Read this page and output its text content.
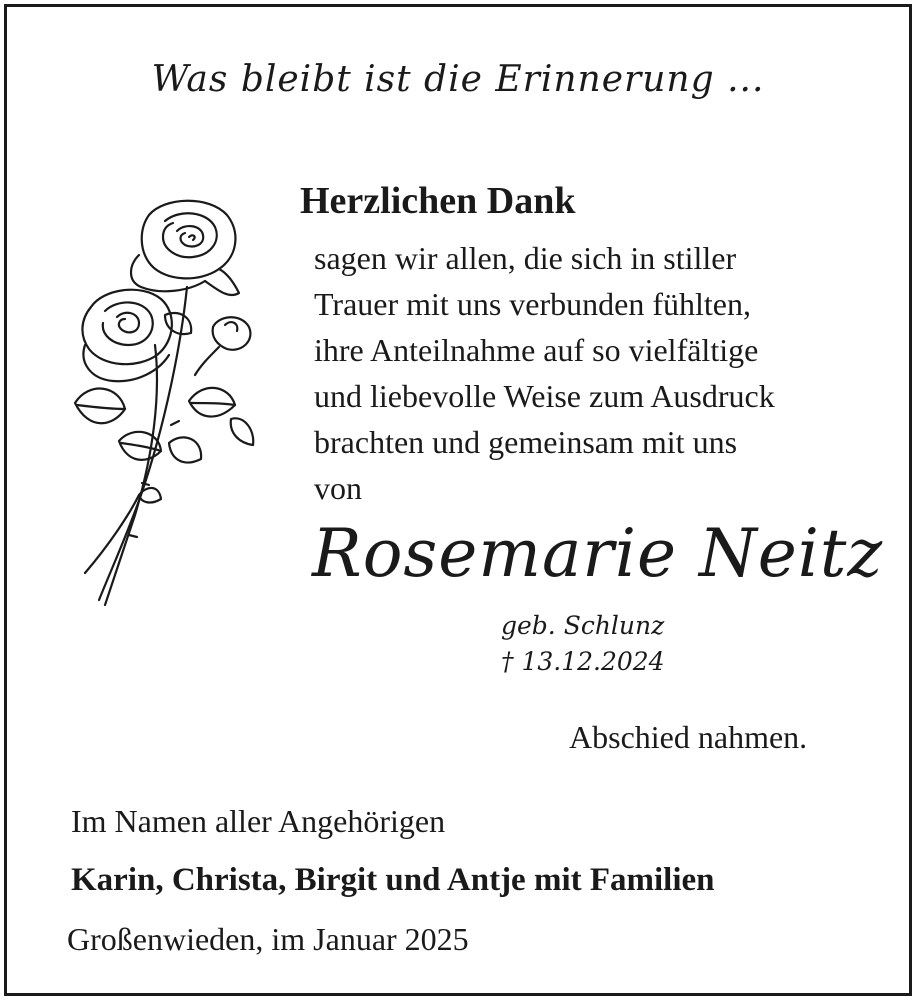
Was bleibt ist die Erinnerung ...
Herzlichen Dank
sagen wir allen, die sich in stiller
Trauer mit uns verbunden fühlten,
ihre Anteilnahme auf so vielfältige
und liebevolle Weise zum Ausdruck
brachten und gemeinsam mit uns
von
Rosemarie Neitz
geb. Schlunz
† 13.12.2024
Abschied nahmen.
Im Namen aller Angehörigen
Karin, Christa, Birgit und Antje mit Familien
Großenwieden, im Januar 2025
